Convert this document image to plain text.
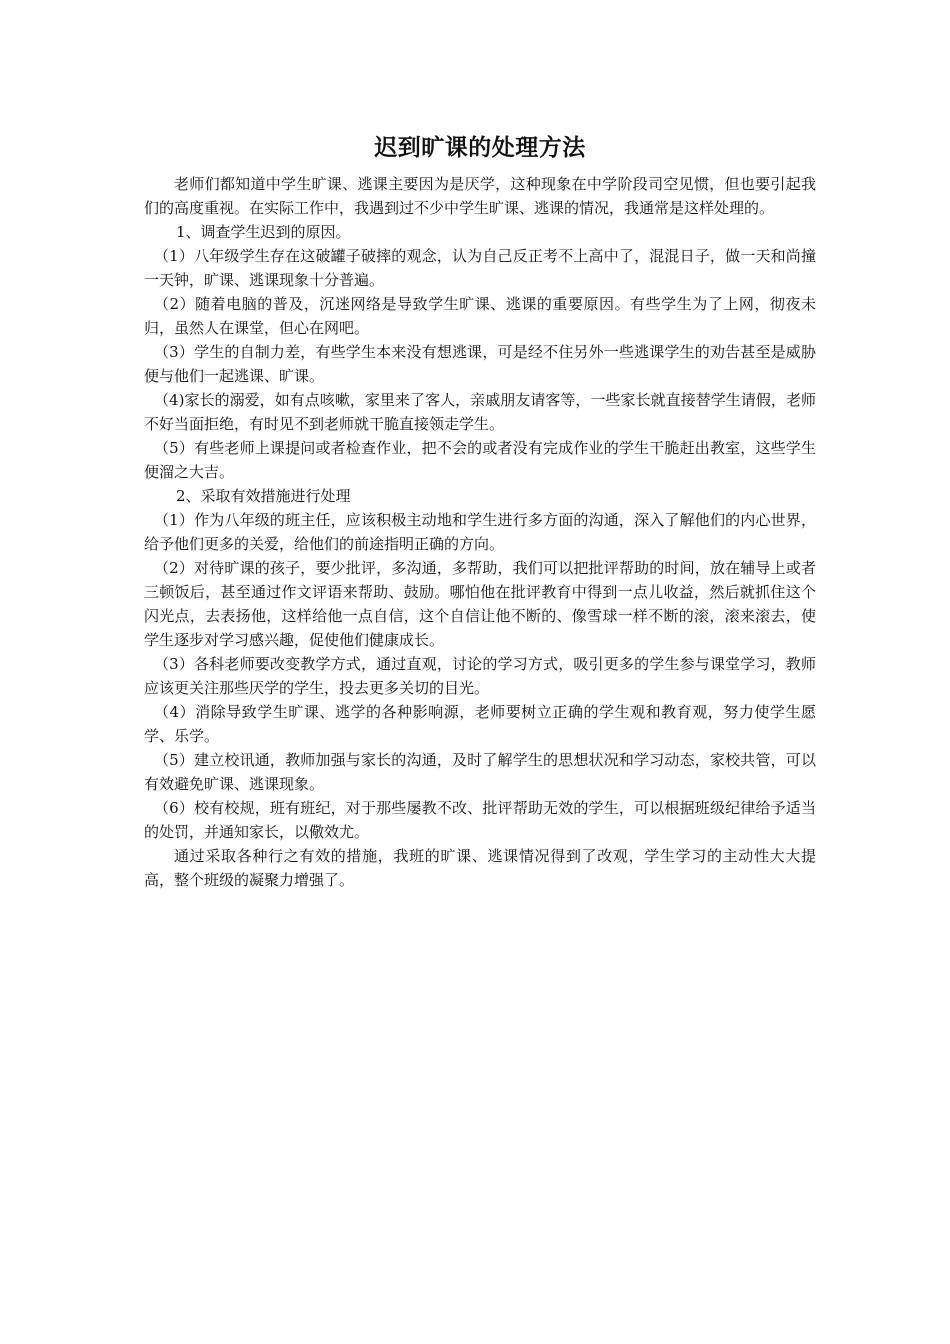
迟到旷课的处理方法

老师们都知道中学生旷课、逃课主要因为是厌学，这种现象在中学阶段司空见惯，但也要引起我们的高度重视。在实际工作中，我遇到过不少中学生旷课、逃课的情况，我通常是这样处理的。

1、调查学生迟到的原因。

（1）八年级学生存在这破罐子破摔的观念，认为自己反正考不上高中了，混混日子，做一天和尚撞一天钟，旷课、逃课现象十分普遍。

（2）随着电脑的普及，沉迷网络是导致学生旷课、逃课的重要原因。有些学生为了上网，彻夜未归，虽然人在课堂，但心在网吧。

（3）学生的自制力差，有些学生本来没有想逃课，可是经不住另外一些逃课学生的劝告甚至是威胁便与他们一起逃课、旷课。

（4)家长的溺爱，如有点咳嗽，家里来了客人，亲戚朋友请客等，一些家长就直接替学生请假，老师不好当面拒绝，有时见不到老师就干脆直接领走学生。

（5）有些老师上课提问或者检查作业，把不会的或者没有完成作业的学生干脆赶出教室，这些学生便溜之大吉。

2、采取有效措施进行处理

（1）作为八年级的班主任，应该积极主动地和学生进行多方面的沟通，深入了解他们的内心世界，给予他们更多的关爱，给他们的前途指明正确的方向。

（2）对待旷课的孩子，要少批评，多沟通，多帮助，我们可以把批评帮助的时间，放在辅导上或者三顿饭后，甚至通过作文评语来帮助、鼓励。哪怕他在批评教育中得到一点儿收益，然后就抓住这个闪光点，去表扬他，这样给他一点自信，这个自信让他不断的、像雪球一样不断的滚，滚来滚去，使学生逐步对学习感兴趣，促使他们健康成长。

（3）各科老师要改变教学方式，通过直观，讨论的学习方式，吸引更多的学生参与课堂学习，教师应该更关注那些厌学的学生，投去更多关切的目光。

（4）消除导致学生旷课、逃学的各种影响源，老师要树立正确的学生观和教育观，努力使学生愿学、乐学。

（5）建立校讯通，教师加强与家长的沟通，及时了解学生的思想状况和学习动态，家校共管，可以有效避免旷课、逃课现象。

（6）校有校规，班有班纪，对于那些屡教不改、批评帮助无效的学生，可以根据班级纪律给予适当的处罚，并通知家长，以儆效尤。

通过采取各种行之有效的措施，我班的旷课、逃课情况得到了改观，学生学习的主动性大大提高，整个班级的凝聚力增强了。
